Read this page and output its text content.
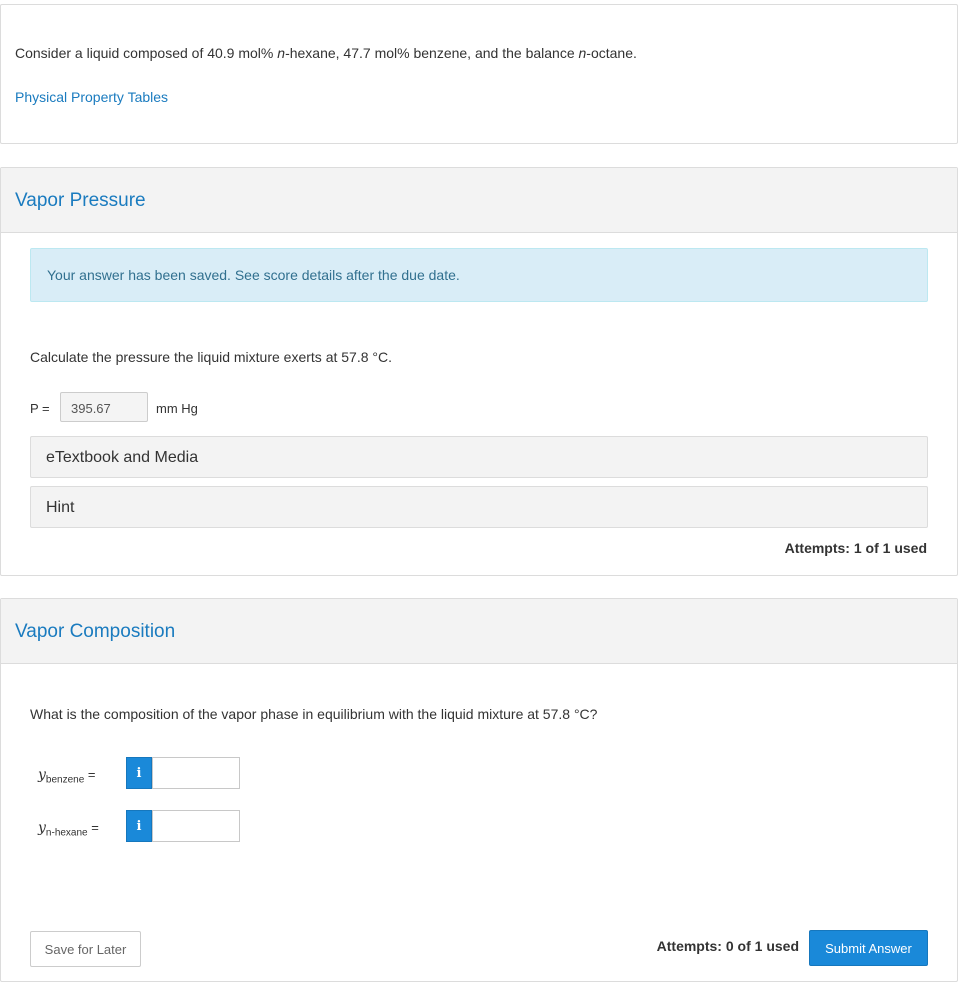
Consider a liquid composed of 40.9 mol% n-hexane, 47.7 mol% benzene, and the balance n-octane.
Physical Property Tables
Vapor Pressure
Your answer has been saved. See score details after the due date.
Calculate the pressure the liquid mixture exerts at 57.8 °C.
P = 395.67	mm Hg
eTextbook and Media
Hint
Attempts: 1 of 1 used
Vapor Composition
What is the composition of the vapor phase in equilibrium with the liquid mixture at 57.8 °C?
$y_{benzene}$ =	i
$y_{n-hexane}$ =	i
Save for Later	Attempts: 0 of 1 used	Submit Answer
